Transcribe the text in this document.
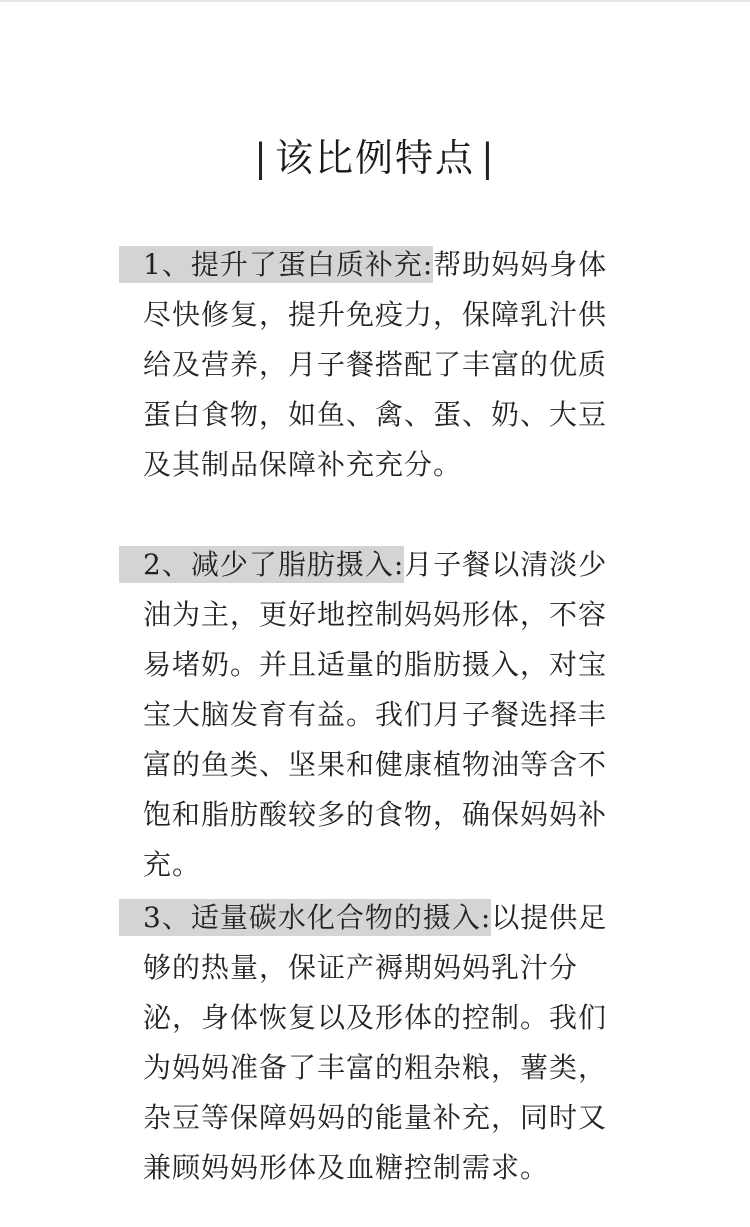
| 该比例特点 |
1、提升了蛋白质补充:帮助妈妈身体尽快修复，提升免疫力，保障乳汁供给及营养，月子餐搭配了丰富的优质蛋白食物，如鱼、禽、蛋、奶、大豆及其制品保障补充充分。
2、减少了脂肪摄入:月子餐以清淡少油为主，更好地控制妈妈形体，不容易堵奶。并且适量的脂肪摄入，对宝宝大脑发育有益。我们月子餐选择丰富的鱼类、坚果和健康植物油等含不饱和脂肪酸较多的食物，确保妈妈补充。
3、适量碳水化合物的摄入:以提供足够的热量，保证产褥期妈妈乳汁分泌，身体恢复以及形体的控制。我们为妈妈准备了丰富的粗杂粮，薯类，杂豆等保障妈妈的能量补充，同时又兼顾妈妈形体及血糖控制需求。
